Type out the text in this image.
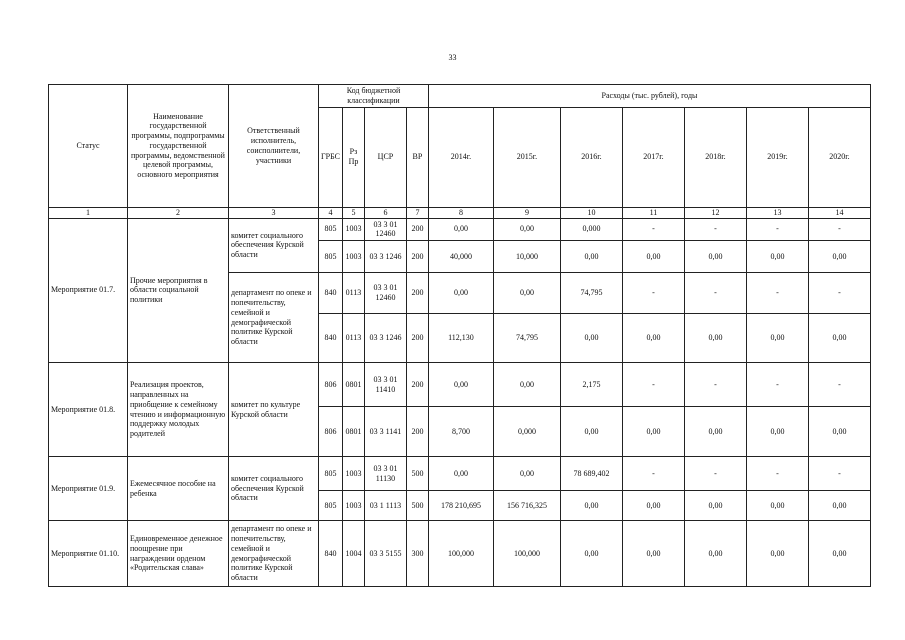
33
Статус	Наименование государственной программы, подпрограммы государственной программы, ведомственной целевой программы, основного мероприятия	Ответственный исполнитель, соисполнители, участники	Код бюджетной классификации				Расходы (тыс. рублей), годы						
			ГРБС	Рз Пр	ЦСР	ВР	2014г.	2015г.	2016г.	2017г.	2018г.	2019г.	2020г.
1	2	3	4	5	6	7	8	9	10	11	12	13	14
Мероприятие 01.7.	Прочие мероприятия в области социальной политики	комитет социального обеспечения Курской области	805	1003	03 3 01 12460	200	0,00	0,00	0,000	-	-	-	-
			805	1003	03 3 1246	200	40,000	10,000	0,00	0,00	0,00	0,00	0,00
		департамент по опеке и попечительству, семейной и демографической политике Курской области	840	0113	03 3 01 12460	200	0,00	0,00	74,795	-	-	-	-
			840	0113	03 3 1246	200	112,130	74,795	0,00	0,00	0,00	0,00	0,00
Мероприятие 01.8.	Реализация проектов, направленных на приобщение к семейному чтению и информационную поддержку молодых родителей	комитет по культуре Курской области	806	0801	03 3 01 11410	200	0,00	0,00	2,175	-	-	-	-
			806	0801	03 3 1141	200	8,700	0,000	0,00	0,00	0,00	0,00	0,00
Мероприятие 01.9.	Ежемесячное пособие на ребенка	комитет социального обеспечения Курской области	805	1003	03 3 01 11130	500	0,00	0,00	78 689,402	-	-	-	-
			805	1003	03 1 1113	500	178 210,695	156 716,325	0,00	0,00	0,00	0,00	0,00
Мероприятие 01.10.	Единовременное денежное поощрение при награждении орденом «Родительская слава»	департамент по опеке и попечительству, семейной и демографической политике Курской области	840	1004	03 3 5155	300	100,000	100,000	0,00	0,00	0,00	0,00	0,00
